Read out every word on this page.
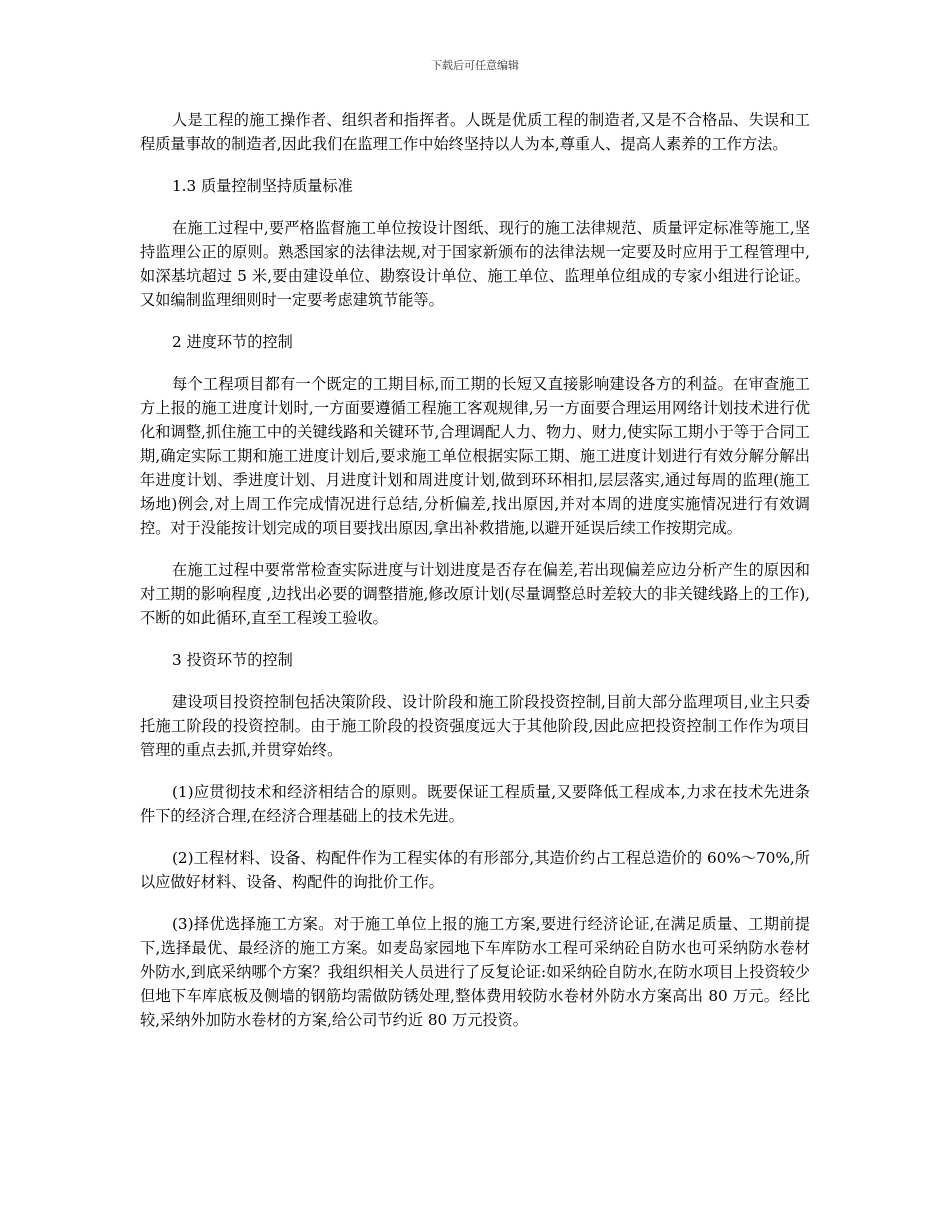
下载后可任意编辑

人是工程的施工操作者、组织者和指挥者。人既是优质工程的制造者,又是不合格品、失误和工程质量事故的制造者,因此我们在监理工作中始终坚持以人为本,尊重人、提高人素养的工作方法。

1.3 质量控制坚持质量标准

在施工过程中,要严格监督施工单位按设计图纸、现行的施工法律规范、质量评定标准等施工,坚持监理公正的原则。熟悉国家的法律法规,对于国家新颁布的法律法规一定要及时应用于工程管理中,如深基坑超过 5 米,要由建设单位、勘察设计单位、施工单位、监理单位组成的专家小组进行论证。又如编制监理细则时一定要考虑建筑节能等。

2 进度环节的控制

每个工程项目都有一个既定的工期目标,而工期的长短又直接影响建设各方的利益。在审查施工方上报的施工进度计划时,一方面要遵循工程施工客观规律,另一方面要合理运用网络计划技术进行优化和调整,抓住施工中的关键线路和关键环节,合理调配人力、物力、财力,使实际工期小于等于合同工期,确定实际工期和施工进度计划后,要求施工单位根据实际工期、施工进度计划进行有效分解分解出年进度计划、季进度计划、月进度计划和周进度计划,做到环环相扣,层层落实,通过每周的监理(施工场地)例会,对上周工作完成情况进行总结,分析偏差,找出原因,并对本周的进度实施情况进行有效调控。对于没能按计划完成的项目要找出原因,拿出补救措施,以避开延误后续工作按期完成。

在施工过程中要常常检查实际进度与计划进度是否存在偏差,若出现偏差应边分析产生的原因和对工期的影响程度 ,边找出必要的调整措施,修改原计划(尽量调整总时差较大的非关键线路上的工作),不断的如此循环,直至工程竣工验收。

3 投资环节的控制

建设项目投资控制包括决策阶段、设计阶段和施工阶段投资控制,目前大部分监理项目,业主只委托施工阶段的投资控制。由于施工阶段的投资强度远大于其他阶段,因此应把投资控制工作作为项目管理的重点去抓,并贯穿始终。

(1)应贯彻技术和经济相结合的原则。既要保证工程质量,又要降低工程成本,力求在技术先进条件下的经济合理,在经济合理基础上的技术先进。

(2)工程材料、设备、构配件作为工程实体的有形部分,其造价约占工程总造价的 60%～70%,所以应做好材料、设备、构配件的询批价工作。

(3)择优选择施工方案。对于施工单位上报的施工方案,要进行经济论证,在满足质量、工期前提下,选择最优、最经济的施工方案。如麦岛家园地下车库防水工程可采纳砼自防水也可采纳防水卷材外防水,到底采纳哪个方案？我组织相关人员进行了反复论证:如采纳砼自防水,在防水项目上投资较少但地下车库底板及侧墙的钢筋均需做防锈处理,整体费用较防水卷材外防水方案高出 80 万元。经比较,采纳外加防水卷材的方案,给公司节约近 80 万元投资。
